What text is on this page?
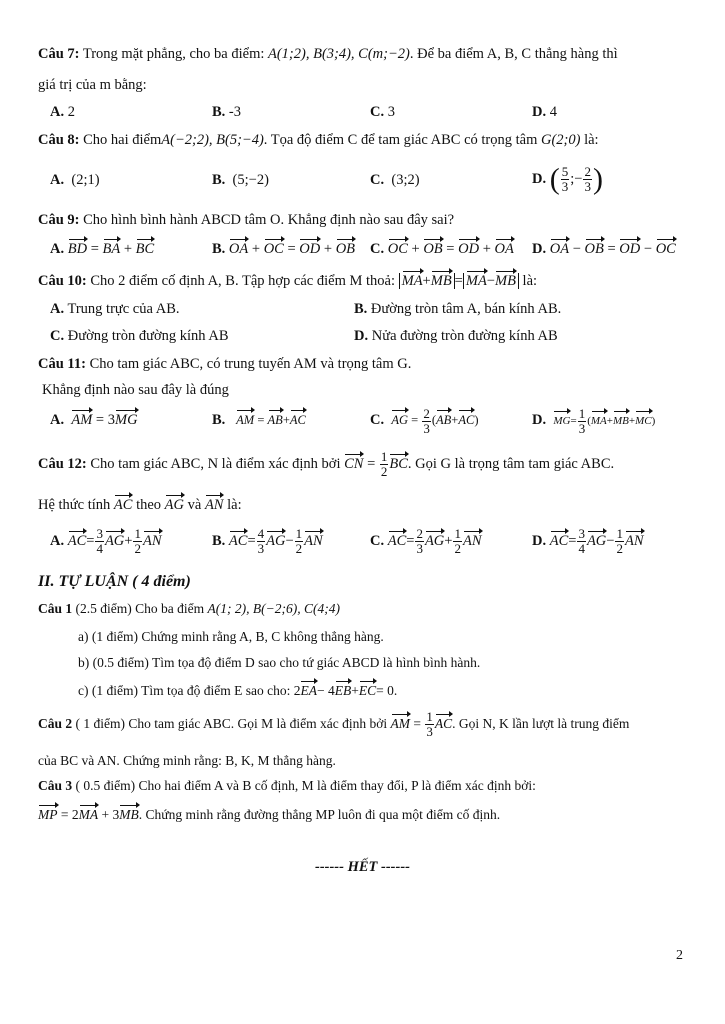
Câu 7: Trong mặt phẳng, cho ba điểm: A(1;2), B(3;4), C(m;−2). Để ba điểm A, B, C thẳng hàng thì
giá trị của m bằng:
A. 2	B. -3	C. 3	D. 4
Câu 8: Cho hai điểmA(−2;2), B(5;−4). Tọa độ điểm C để tam giác ABC có trọng tâm G(2;0) là:
A. (2;1)	B. (5;−2)	C. (3;2)	D. ( $\frac{5}{3}$ ;− $\frac{2}{3}$ )
Câu 9: Cho hình bình hành ABCD tâm O. Khẳng định nào sau đây sai?
A. BD = BA + BC	B. OA + OC = OD + OB C. OC + OB = OD + OA D. OA − OB = OD − OC
Câu 10: Cho 2 điểm cố định A, B. Tập hợp các điểm M thoả: MA+MB = MA−MB là:
A. Trung trực của AB.	B. Đường tròn tâm A, bán kính AB.
C. Đường tròn đường kính AB	D. Nửa đường tròn đường kính AB
Câu 11: Cho tam giác ABC, có trung tuyến AM và trọng tâm G.
Khẳng định nào sau đây là đúng
A. AM = 3MG	B. AM = AB+AC	C. AG = $\frac{2}{3} (AB+AC)$	D. $MG= \frac{1}{3} (MA+MB+MC)$
Câu 12: Cho tam giác ABC, N là điểm xác định bởi CN = $\frac{1}{2}$ BC. Gọi G là trọng tâm tam giác ABC.
Hệ thức tính AC theo AG và AN là:
A. $AC= \frac{3}{4} AG+ \frac{1}{2}$ AN	B. $AC= \frac{4}{3} AG- \frac{1}{2}$ AN	C. $AC= \frac{2}{3} AG+ \frac{1}{2}$ AN	D. $AC= \frac{3}{4} AG- \frac{1}{2}$ AN
II. TỰ LUẬN ( 4 điểm)
Câu 1 (2.5 điểm) Cho ba điểm A(1; 2), B(−2;6), C(4;4)
a) (1 điểm) Chứng minh rằng A, B, C không thẳng hàng.
b) (0.5 điểm) Tìm tọa độ điểm D sao cho tứ giác ABCD là hình bình hành.
c) (1 điểm) Tìm tọa độ điểm E sao cho: 2EA− 4EB+EC= 0.
Câu 2 ( 1 điểm) Cho tam giác ABC. Gọi M là điểm xác định bởi AM = $\frac{1}{3}$ AC. Gọi N, K lần lượt là trung điểm
của BC và AN. Chứng minh rằng: B, K, M thẳng hàng.
Câu 3 ( 0.5 điểm) Cho hai điểm A và B cố định, M là điểm thay đổi, P là điểm xác định bởi:
MP = 2MA + 3MB. Chứng minh rằng đường thẳng MP luôn đi qua một điểm cố định.
------ HẾT ------
2
